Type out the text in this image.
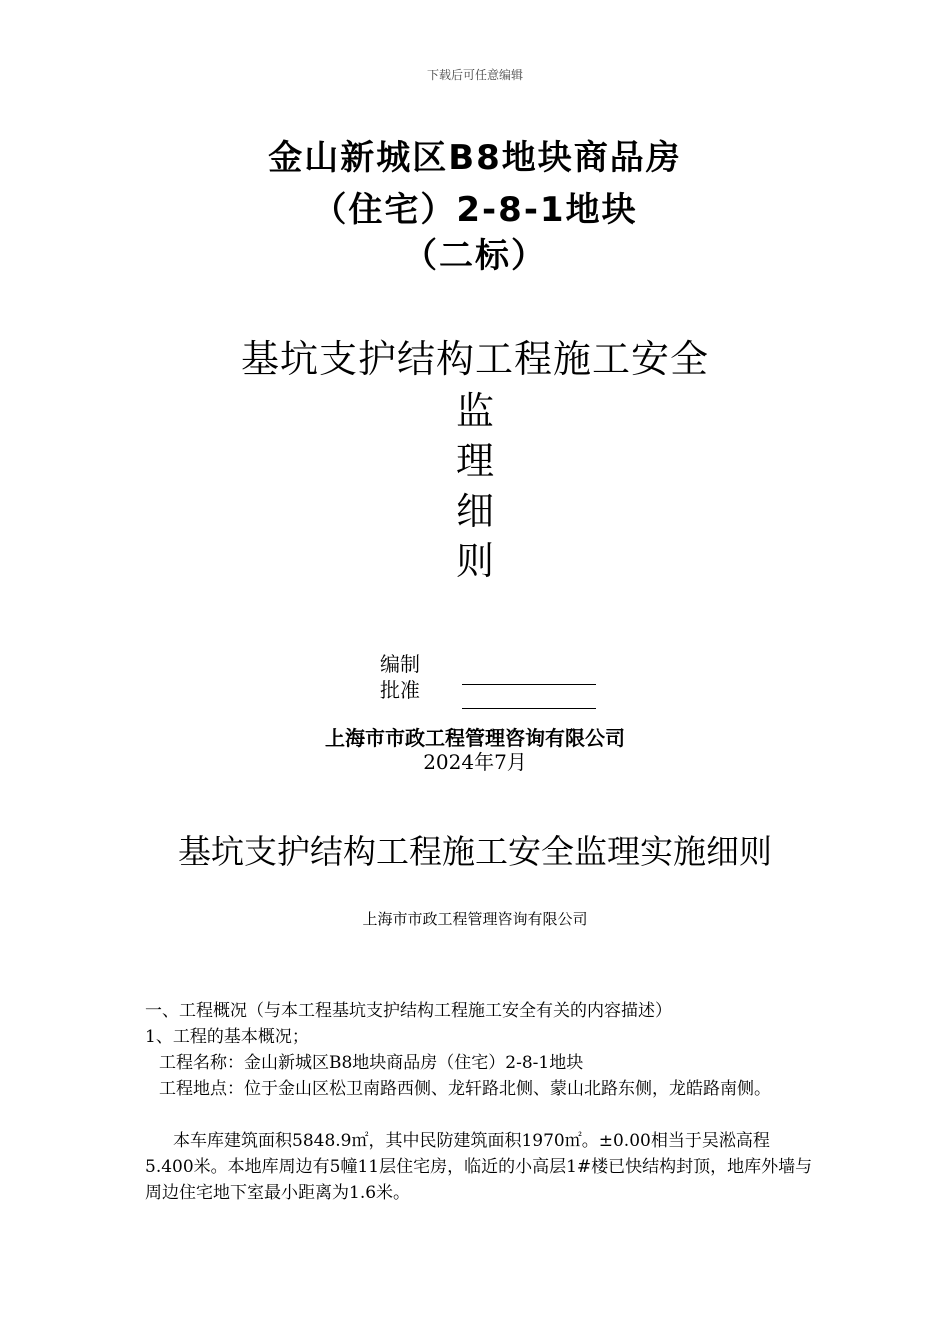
下载后可任意编辑
金山新城区B8地块商品房
（住宅）2-8-1地块
（二标）
基坑支护结构工程施工安全
监
理
细
则
编制
批准
上海市市政工程管理咨询有限公司
2024年7月
基坑支护结构工程施工安全监理实施细则
上海市市政工程管理咨询有限公司
一、工程概况（与本工程基坑支护结构工程施工安全有关的内容描述）
1、工程的基本概况；
工程名称：金山新城区B8地块商品房（住宅）2-8-1地块
工程地点：位于金山区松卫南路西侧、龙轩路北侧、蒙山北路东侧，龙皓路南侧。
本车库建筑面积5848.9㎡，其中民防建筑面积1970㎡。±0.00相当于吴淞高程5.400米。本地库周边有5幢11层住宅房，临近的小高层1#楼已快结构封顶，地库外墙与周边住宅地下室最小距离为1.6米。
